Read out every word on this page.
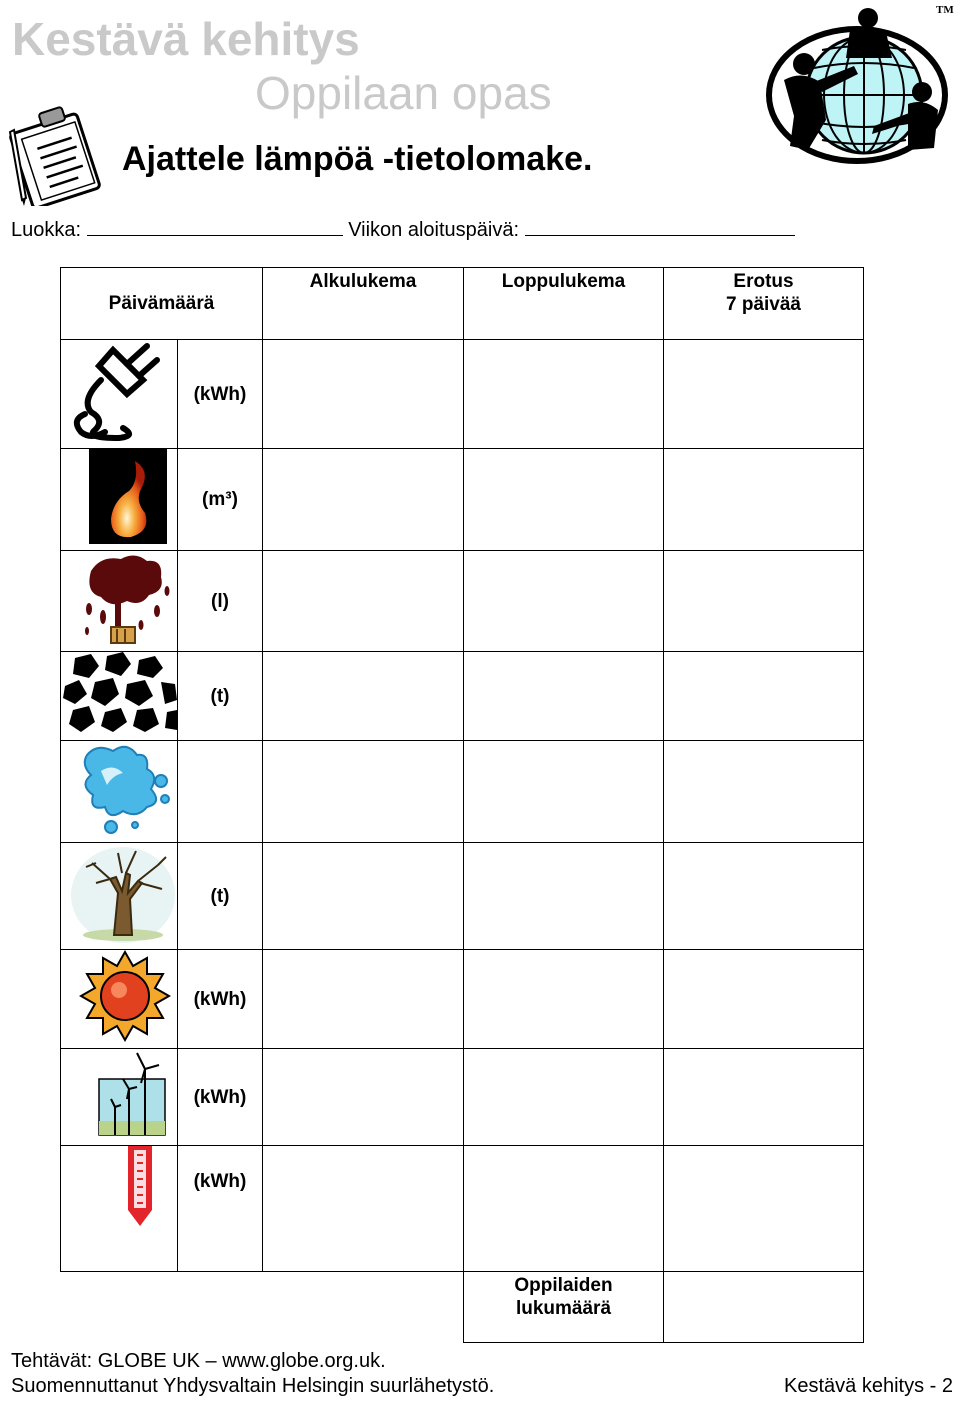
Kestävä kehitys
Oppilaan opas
Ajattele lämpöä -tietolomake.
TM
Luokka:	Viikon aloituspäivä:
Päivämäärä		Alkulukema	Loppulukema	Erotus
7 päivää

	(kWh)			
	(m³)			
	(l)			
	(t)			

	(t)			
	(kWh)			
	(kWh)			
	(kWh)			

			Oppilaiden
lukumäärä	

Tehtävät: GLOBE UK – www.globe.org.uk.
Suomennuttanut Yhdysvaltain Helsingin suurlähetystö.	Kestävä kehitys - 2
